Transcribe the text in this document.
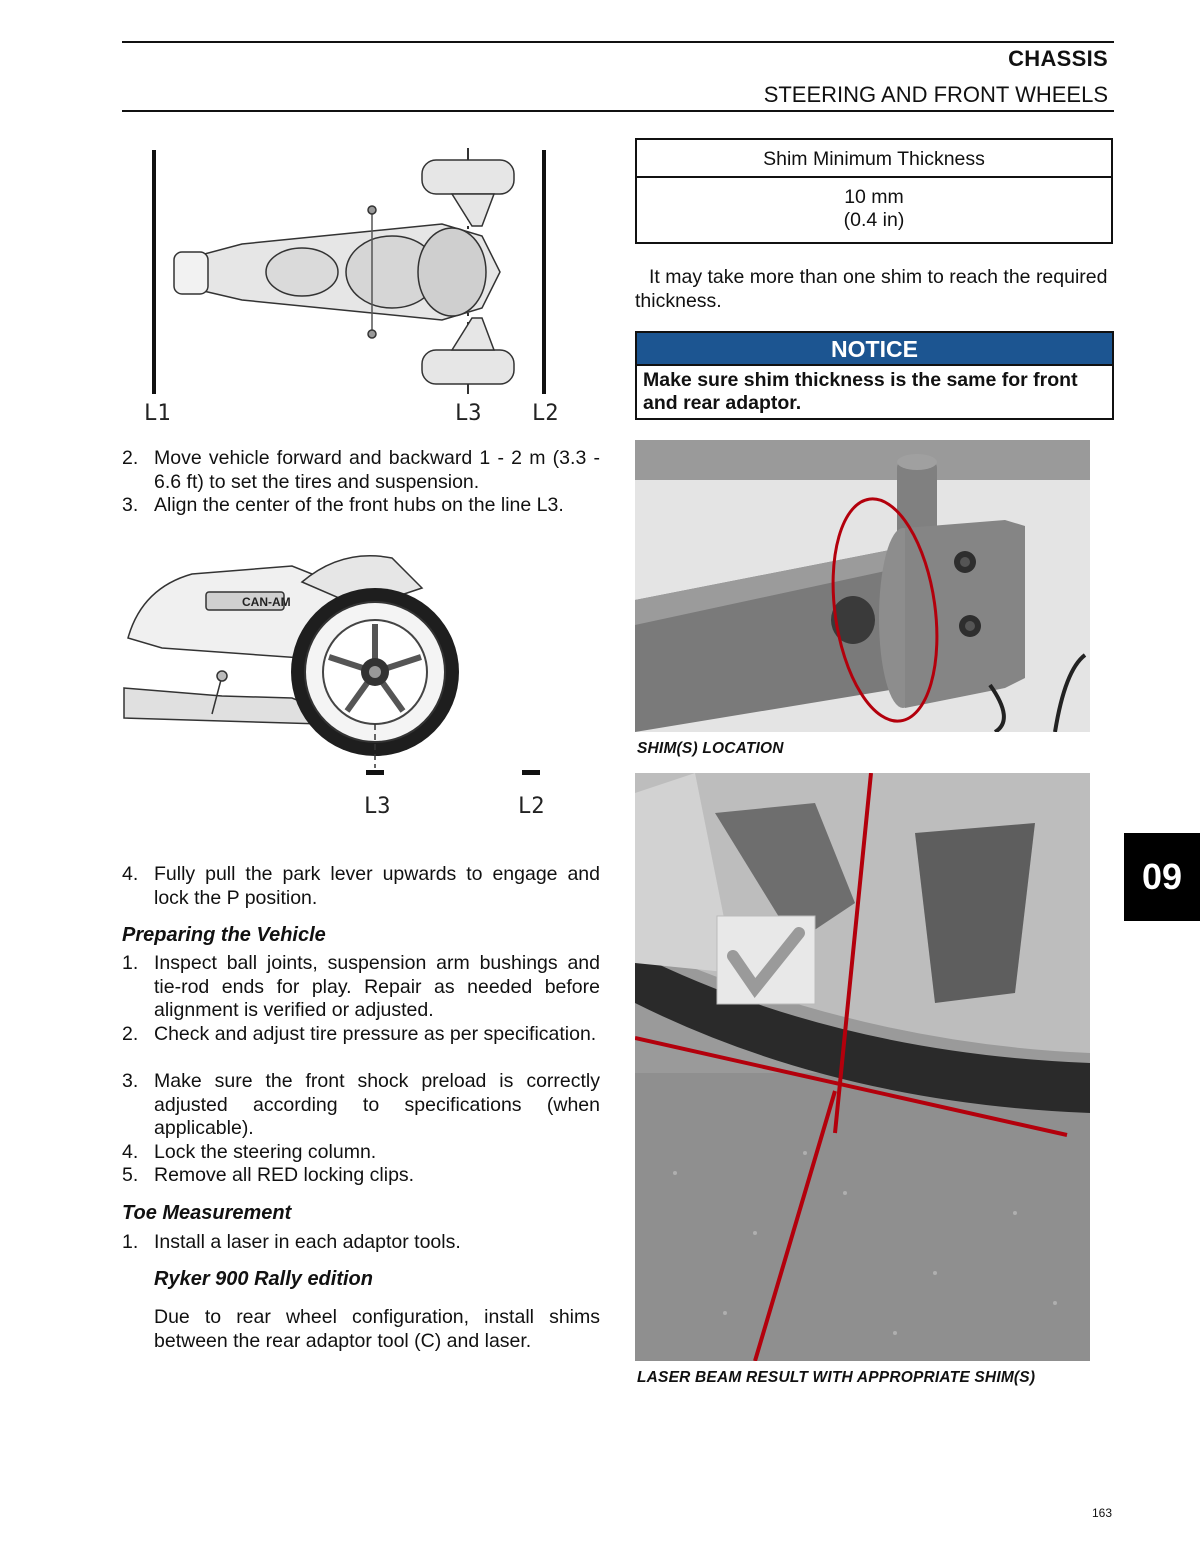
CHASSIS
STEERING AND FRONT WHEELS
L1	L3 L2
2. Move vehicle forward and backward 1 - 2 m (3.3 - 6.6 ft) to set the tires and suspension.
3. Align the center of the front hubs on the line L3.
CAN-AM
L3	L2
4. Fully pull the park lever upwards to engage and lock the P position.
Preparing the Vehicle
1. Inspect ball joints, suspension arm bushings and tie-rod ends for play. Repair as needed before alignment is verified or adjusted.
2. Check and adjust tire pressure as per specification.
3. Make sure the front shock preload is correctly adjusted according to specifications (when applicable).
4. Lock the steering column.
5. Remove all RED locking clips.
Toe Measurement
1. Install a laser in each adaptor tools.
Ryker 900 Rally edition
Due to rear wheel configuration, install shims between the rear adaptor tool (C) and laser.
Shim Minimum Thickness
10 mm
(0.4 in)
It may take more than one shim to reach the required thickness.
NOTICE
Make sure shim thickness is the same for front and rear adaptor.
SHIM(S) LOCATION
LASER BEAM RESULT WITH APPROPRIATE SHIM(S)
09
163
